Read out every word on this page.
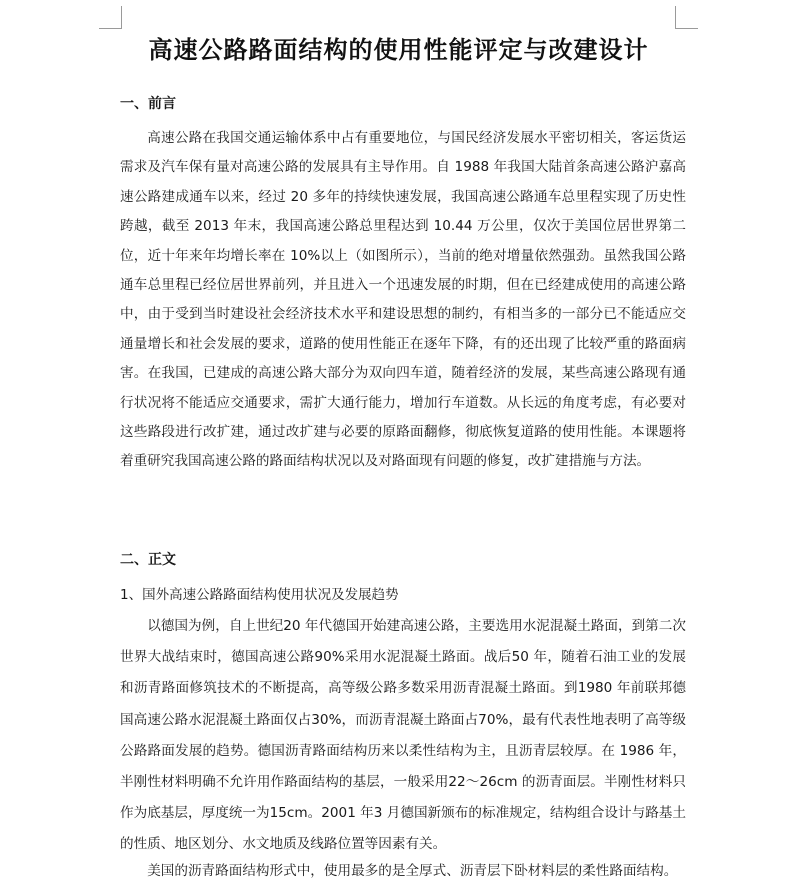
高速公路路面结构的使用性能评定与改建设计
一、前言

高速公路在我国交通运输体系中占有重要地位，与国民经济发展水平密切相关，客运货运需求及汽车保有量对高速公路的发展具有主导作用。自 1988 年我国大陆首条高速公路沪嘉高速公路建成通车以来，经过 20 多年的持续快速发展，我国高速公路通车总里程实现了历史性跨越，截至 2013 年末，我国高速公路总里程达到 10.44 万公里，仅次于美国位居世界第二位，近十年来年均增长率在 10%以上（如图所示），当前的绝对增量依然强劲。虽然我国公路通车总里程已经位居世界前列，并且进入一个迅速发展的时期，但在已经建成使用的高速公路中，由于受到当时建设社会经济技术水平和建设思想的制约，有相当多的一部分已不能适应交通量增长和社会发展的要求，道路的使用性能正在逐年下降，有的还出现了比较严重的路面病害。在我国，已建成的高速公路大部分为双向四车道，随着经济的发展，某些高速公路现有通行状况将不能适应交通要求，需扩大通行能力，增加行车道数。从长远的角度考虑，有必要对这些路段进行改扩建，通过改扩建与必要的原路面翻修，彻底恢复道路的使用性能。本课题将着重研究我国高速公路的路面结构状况以及对路面现有问题的修复，改扩建措施与方法。

二、正文
1、国外高速公路路面结构使用状况及发展趋势

以德国为例，自上世纪20 年代德国开始建高速公路，主要选用水泥混凝土路面，到第二次世界大战结束时，德国高速公路90%采用水泥混凝土路面。战后50 年，随着石油工业的发展和沥青路面修筑技术的不断提高，高等级公路多数采用沥青混凝土路面。到1980 年前联邦德国高速公路水泥混凝土路面仅占30%，而沥青混凝土路面占70%，最有代表性地表明了高等级公路路面发展的趋势。德国沥青路面结构历来以柔性结构为主，且沥青层较厚。在 1986 年，半刚性材料明确不允许用作路面结构的基层，一般采用22～26cm 的沥青面层。半刚性材料只作为底基层，厚度统一为15cm。2001 年3 月德国新颁布的标准规定，结构组合设计与路基土的性质、地区划分、水文地质及线路位置等因素有关。

美国的沥青路面结构形式中，使用最多的是全厚式、沥青层下卧材料层的柔性路面结构。
